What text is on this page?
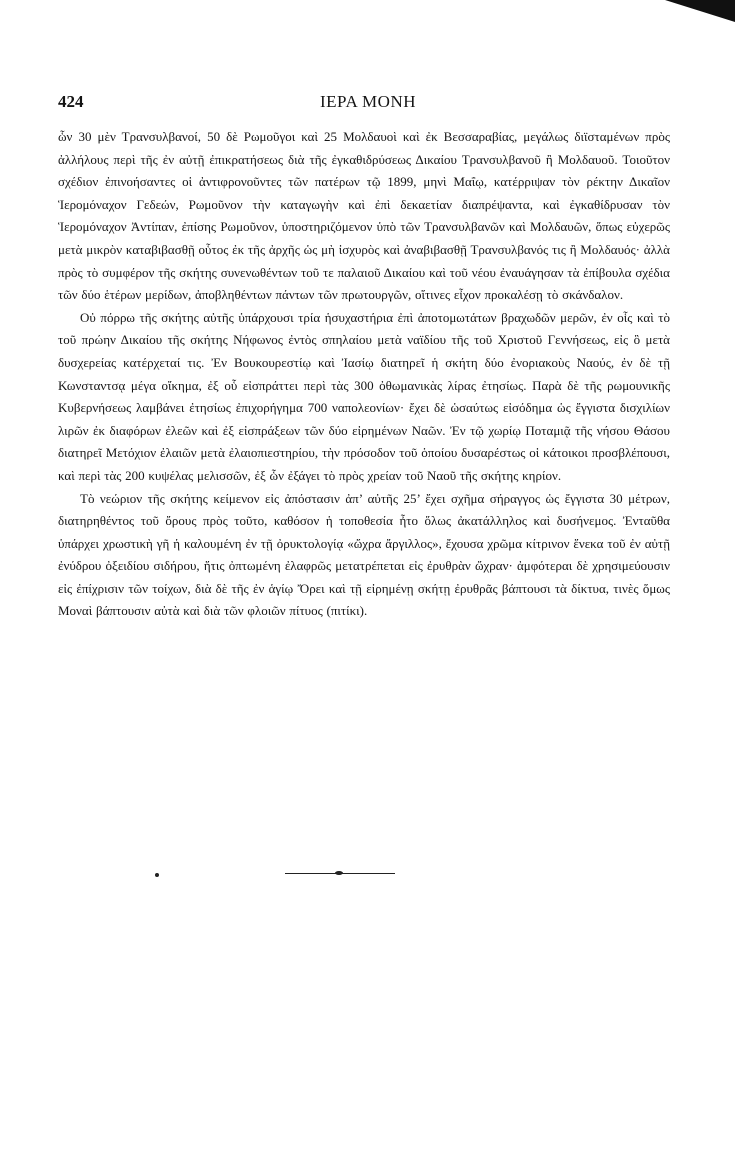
424	ΙΕΡΑ ΜΟΝΗ

ὧν 30 μὲν Τρανσυλβανοί, 50 δὲ Ρωμοῦγοι καὶ 25 Μολδαυοὶ καὶ ἐκ Βεσσαραβίας, μεγάλως διϊσταμένων πρὸς ἀλλήλους περὶ τῆς ἐν αὐτῇ ἐπικρατήσεως διὰ τῆς ἐγκαθιδρύσεως Δικαίου Τρανσυλβανοῦ ἢ Μολδαυοῦ. Τοιοῦτον σχέδιον ἐπινοήσαντες οἱ ἀντιφρονοῦντες τῶν πατέρων τῷ 1899, μηνὶ Μαΐῳ, κατέρριψαν τὸν ρέκτην Δικαῖον Ἱερομόναχον Γεδεών, Ρωμοῦνον τὴν καταγωγὴν καὶ ἐπὶ δεκαετίαν διαπρέψαντα, καὶ ἐγκαθίδρυσαν τὸν Ἱερομόναχον Ἀντίπαν, ἐπίσης Ρωμοῦνον, ὑποστηριζόμενον ὑπὸ τῶν Τρανσυλβανῶν καὶ Μολδαυῶν, ὅπως εὐχερῶς μετὰ μικρὸν καταβιβασθῇ οὗτος ἐκ τῆς ἀρχῆς ὡς μὴ ἰσχυρὸς καὶ ἀναβιβασθῇ Τρανσυλβανός τις ἢ Μολδαυός· ἀλλὰ πρὸς τὸ συμφέρον τῆς σκήτης συνενωθέντων τοῦ τε παλαιοῦ Δικαίου καὶ τοῦ νέου ἐναυάγησαν τὰ ἐπίβουλα σχέδια τῶν δύο ἑτέρων μερίδων, ἀποβληθέντων πάντων τῶν πρωτουργῶν, οἵτινες εἶχον προκαλέσῃ τὸ σκάνδαλον.

Οὐ πόρρω τῆς σκήτης αὐτῆς ὑπάρχουσι τρία ἡσυχαστήρια ἐπὶ ἀποτομωτάτων βραχωδῶν μερῶν, ἐν οἷς καὶ τὸ τοῦ πρώην Δικαίου τῆς σκήτης Νήφωνος ἐντὸς σπηλαίου μετὰ ναϊδίου τῆς τοῦ Χριστοῦ Γεννήσεως, εἰς ὃ μετὰ δυσχερείας κατέρχεταί τις. Ἐν Βουκουρεστίῳ καὶ Ἰασίῳ διατηρεῖ ἡ σκήτη δύο ἐνοριακοὺς Ναούς, ἐν δὲ τῇ Κωνσταντσᾳ μέγα οἴκημα, ἐξ οὗ εἰσπράττει περὶ τὰς 300 ὀθωμανικὰς λίρας ἐτησίως. Παρὰ δὲ τῆς ρωμουνικῆς Κυβερνήσεως λαμβάνει ἐτησίως ἐπιχορήγημα 700 ναπολεονίων· ἔχει δὲ ὡσαύτως εἰσόδημα ὡς ἔγγιστα δισχιλίων λιρῶν ἐκ διαφόρων ἐλεῶν καὶ ἐξ εἰσπράξεων τῶν δύο εἰρημένων Ναῶν. Ἐν τῷ χωρίῳ Ποταμιᾷ τῆς νήσου Θάσου διατηρεῖ Μετόχιον ἐλαιῶν μετὰ ἐλαιοπιεστηρίου, τὴν πρόσοδον τοῦ ὁποίου δυσαρέστως οἱ κάτοικοι προσβλέπουσι, καὶ περὶ τὰς 200 κυψέλας μελισσῶν, ἐξ ὧν ἐξάγει τὸ πρὸς χρείαν τοῦ Ναοῦ τῆς σκήτης κηρίον.

Τὸ νεώριον τῆς σκήτης κείμενον εἰς ἀπόστασιν ἀπ’ αὐτῆς 25’ ἔχει σχῆμα σήραγγος ὡς ἔγγιστα 30 μέτρων, διατηρηθέντος τοῦ ὄρους πρὸς τοῦτο, καθόσον ἡ τοποθεσία ἦτο ὅλως ἀκατάλληλος καὶ δυσήνεμος. Ἐνταῦθα ὑπάρχει χρωστικὴ γῆ ἡ καλουμένη ἐν τῇ ὀρυκτολογίᾳ «ὤχρα ἄργιλλος», ἔχουσα χρῶμα κίτρινον ἕνεκα τοῦ ἐν αὐτῇ ἐνύδρου ὀξειδίου σιδήρου, ἥτις ὀπτωμένη ἐλαφρῶς μετατρέπεται εἰς ἐρυθρὰν ὤχραν· ἀμφότεραι δὲ χρησιμεύουσιν εἰς ἐπίχρισιν τῶν τοίχων, διὰ δὲ τῆς ἐν ἁγίῳ Ὄρει καὶ τῇ εἰρημένῃ σκήτῃ ἐρυθρᾶς βάπτουσι τὰ δίκτυα, τινὲς ὅμως Μοναὶ βάπτουσιν αὐτὰ καὶ διὰ τῶν φλοιῶν πίτυος (πιτίκι).
